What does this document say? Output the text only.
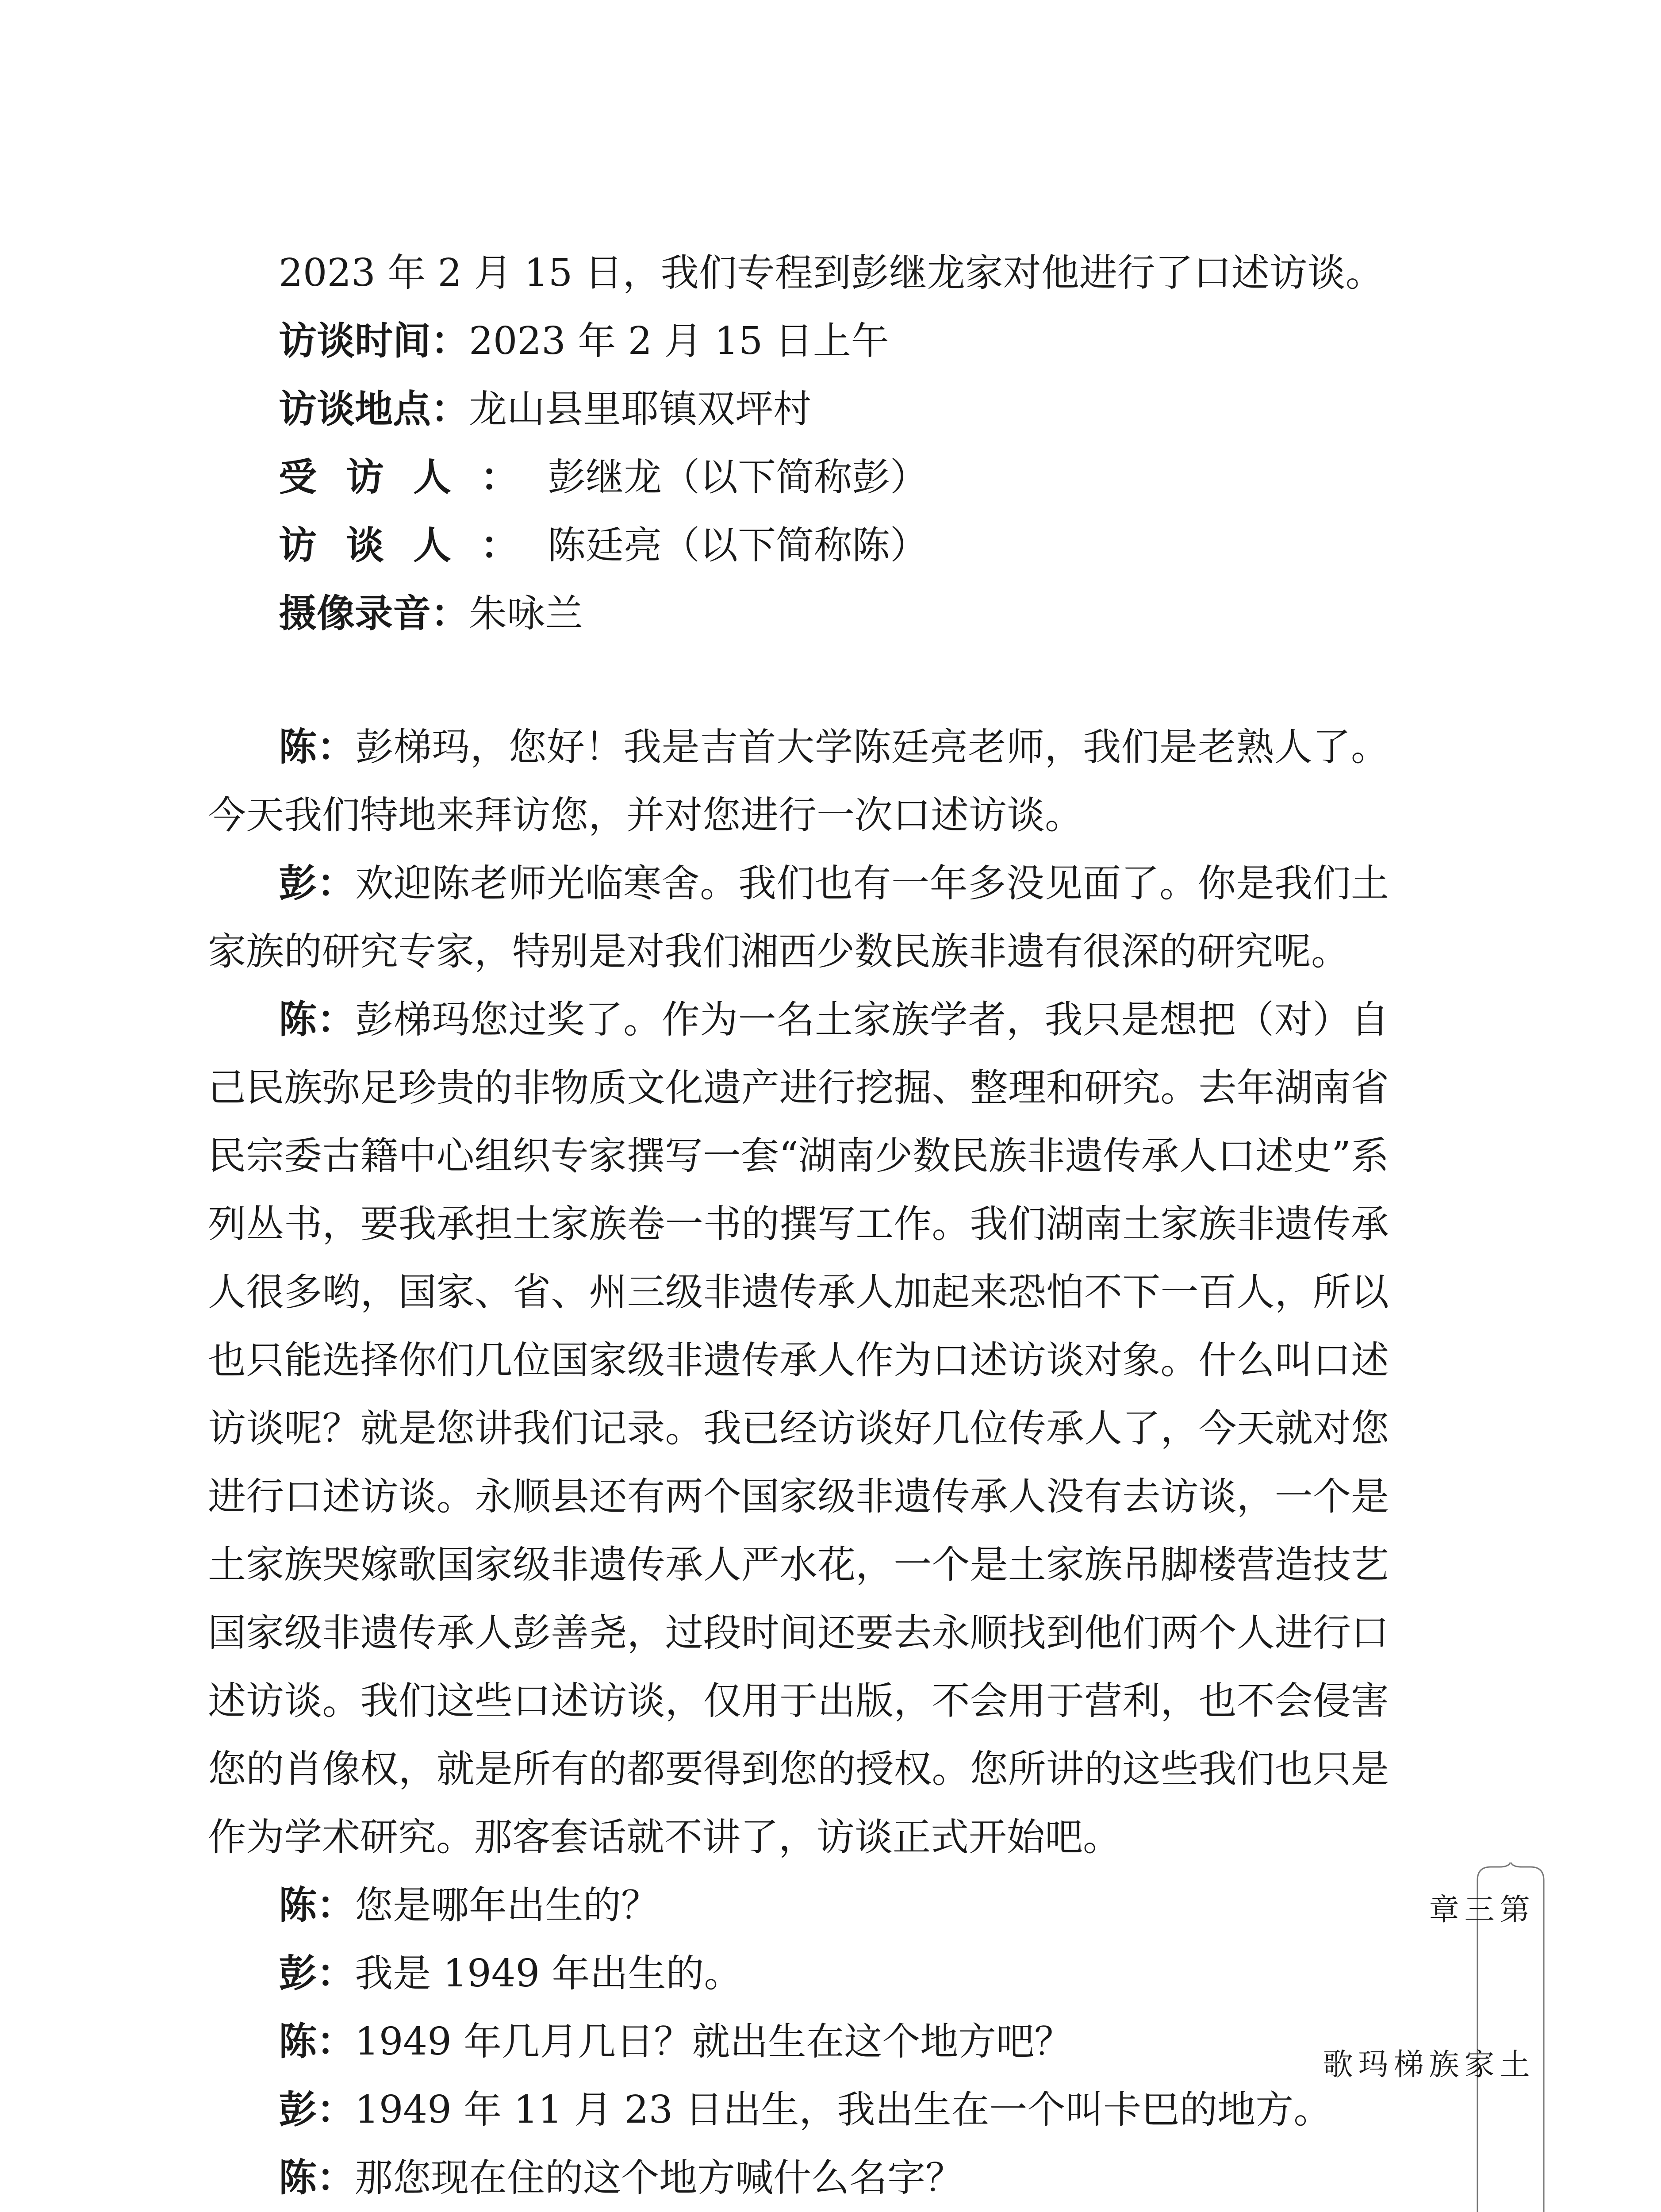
2023 年 2 月 15 日，我们专程到彭继龙家对他进行了口述访谈。

访谈时间：2023 年 2 月 15 日上午

访谈地点：龙山县里耶镇双坪村

受访人：彭继龙（以下简称彭）

访谈人：陈廷亮（以下简称陈）

摄像录音：朱咏兰

陈：彭梯玛，您好！我是吉首大学陈廷亮老师，我们是老熟人了。今天我们特地来拜访您，并对您进行一次口述访谈。

彭：欢迎陈老师光临寒舍。我们也有一年多没见面了。你是我们土家族的研究专家，特别是对我们湘西少数民族非遗有很深的研究呢。

陈：彭梯玛您过奖了。作为一名土家族学者，我只是想把（对）自己民族弥足珍贵的非物质文化遗产进行挖掘、整理和研究。去年湖南省民宗委古籍中心组织专家撰写一套“湖南少数民族非遗传承人口述史”系列丛书，要我承担土家族卷一书的撰写工作。我们湖南土家族非遗传承人很多哟，国家、省、州三级非遗传承人加起来恐怕不下一百人，所以也只能选择你们几位国家级非遗传承人作为口述访谈对象。什么叫口述访谈呢？就是您讲我们记录。我已经访谈好几位传承人了，今天就对您进行口述访谈。永顺县还有两个国家级非遗传承人没有去访谈，一个是土家族哭嫁歌国家级非遗传承人严水花，一个是土家族吊脚楼营造技艺国家级非遗传承人彭善尧，过段时间还要去永顺找到他们两个人进行口述访谈。我们这些口述访谈，仅用于出版，不会用于营利，也不会侵害您的肖像权，就是所有的都要得到您的授权。您所讲的这些我们也只是作为学术研究。那客套话就不讲了，访谈正式开始吧。

陈：您是哪年出生的？

彭：我是 1949 年出生的。

陈：1949 年几月几日？就出生在这个地方吧？

彭：1949 年 11 月 23 日出生，我出生在一个叫卡巴的地方。

陈：那您现在住的这个地方喊什么名字？

第三章
土家族梯玛歌
